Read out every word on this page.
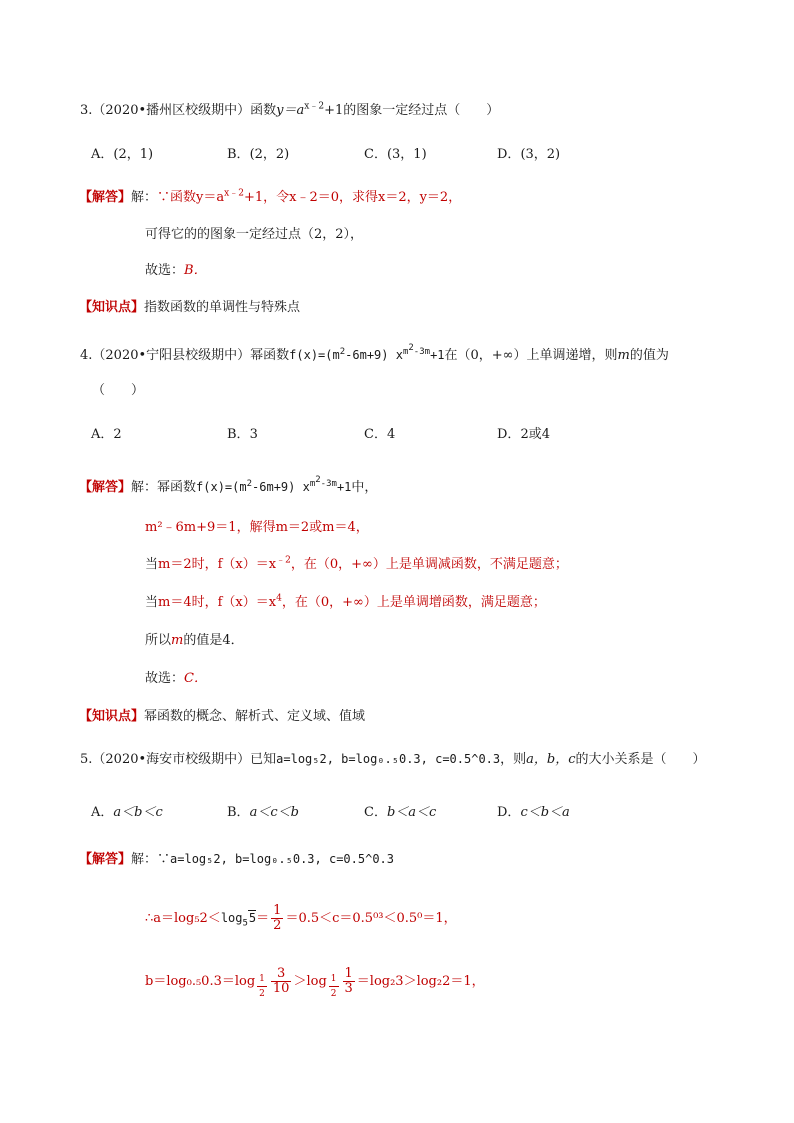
3.（2020•播州区校级期中）函数$y=a^{x﹣2}+1$的图象一定经过点（　　）
A．(2，1)	B．(2，2)	C．(3，1)	D．(3，2)
【解答】解：∵函数$y=a^{x﹣2}+1$，令x﹣2＝0，求得x＝2，y＝2，
可得它的的图象一定经过点（2，2），
故选：B．
【知识点】指数函数的单调性与特殊点
4.（2020•宁阳县校级期中）幂函数$f(x)=(m^2-6m+9)$ $x^{m^2-3m}+1$在（0，+∞）上单调递增，则m的值为
（　　）
A．2	B．3	C．4	D．2或4
【解答】解：幂函数$f(x)=(m^2-6m+9)$ $x^{m^2-3m}+1$中，
m²﹣6m+9＝1，解得m＝2或m＝4，
当m＝2时，$f(x)=x^{﹣2}$，在（0，+∞）上是单调减函数，不满足题意；
当m＝4时，$f(x)=x^4$，在（0，+∞）上是单调增函数，满足题意；
所以m的值是4．
故选：C．
【知识点】幂函数的概念、解析式、定义域、值域
5.（2020•海安市校级期中）已知a=log₅2, b=log₀.₅0.3, c=0.5^0.3，则a，b，c的大小关系是（　　）
A．a＜b＜c	B．a＜c＜b	C．b＜a＜c	D．c＜b＜a
【解答】解：∵a=log₅2, b=log₀.₅0.3, c=0.5^0.3
$\therefore a=\log_52<\log_55= \frac{1}{2} =0.5<c=0.5^{03}<0.5^0=1$，
b＝log₀.₅0.3＝log $_{\frac{1}{2}} \frac{3}{10} >\log$ $_{\frac{1}{2}} \frac{1}{3} =\log_23>\log_22=1$，
